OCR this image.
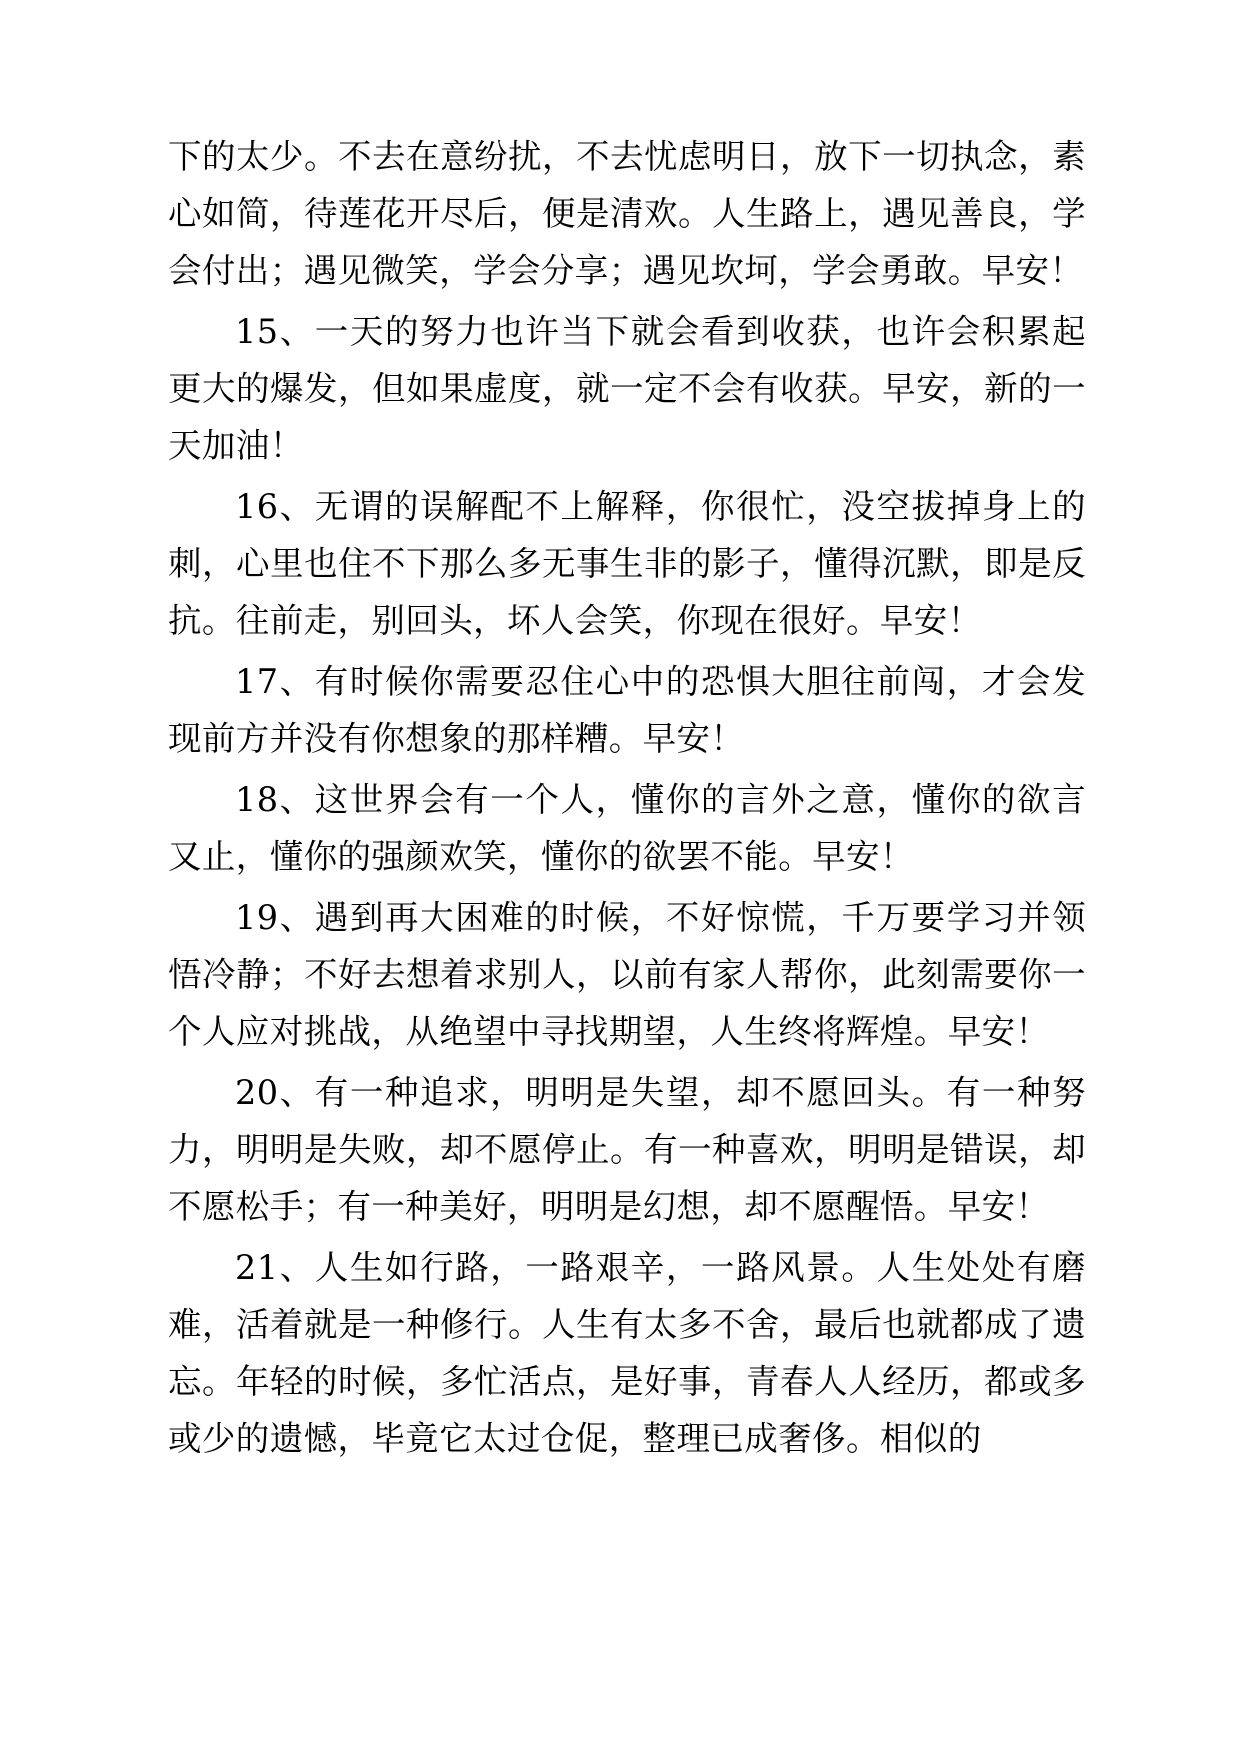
下的太少。不去在意纷扰，不去忧虑明日，放下一切执念，素心如简，待莲花开尽后，便是清欢。人生路上，遇见善良，学会付出；遇见微笑，学会分享；遇见坎坷，学会勇敢。早安！

15、一天的努力也许当下就会看到收获，也许会积累起更大的爆发，但如果虚度，就一定不会有收获。早安，新的一天加油！

16、无谓的误解配不上解释，你很忙，没空拔掉身上的刺，心里也住不下那么多无事生非的影子，懂得沉默，即是反抗。往前走，别回头，坏人会笑，你现在很好。早安！

17、有时候你需要忍住心中的恐惧大胆往前闯，才会发现前方并没有你想象的那样糟。早安！

18、这世界会有一个人，懂你的言外之意，懂你的欲言又止，懂你的强颜欢笑，懂你的欲罢不能。早安！

19、遇到再大困难的时候，不好惊慌，千万要学习并领悟冷静；不好去想着求别人，以前有家人帮你，此刻需要你一个人应对挑战，从绝望中寻找期望，人生终将辉煌。早安！

20、有一种追求，明明是失望，却不愿回头。有一种努力，明明是失败，却不愿停止。有一种喜欢，明明是错误，却不愿松手；有一种美好，明明是幻想，却不愿醒悟。早安！

21、人生如行路，一路艰辛，一路风景。人生处处有磨难，活着就是一种修行。人生有太多不舍，最后也就都成了遗忘。年轻的时候，多忙活点，是好事，青春人人经历，都或多或少的遗憾，毕竟它太过仓促，整理已成奢侈。相似的
